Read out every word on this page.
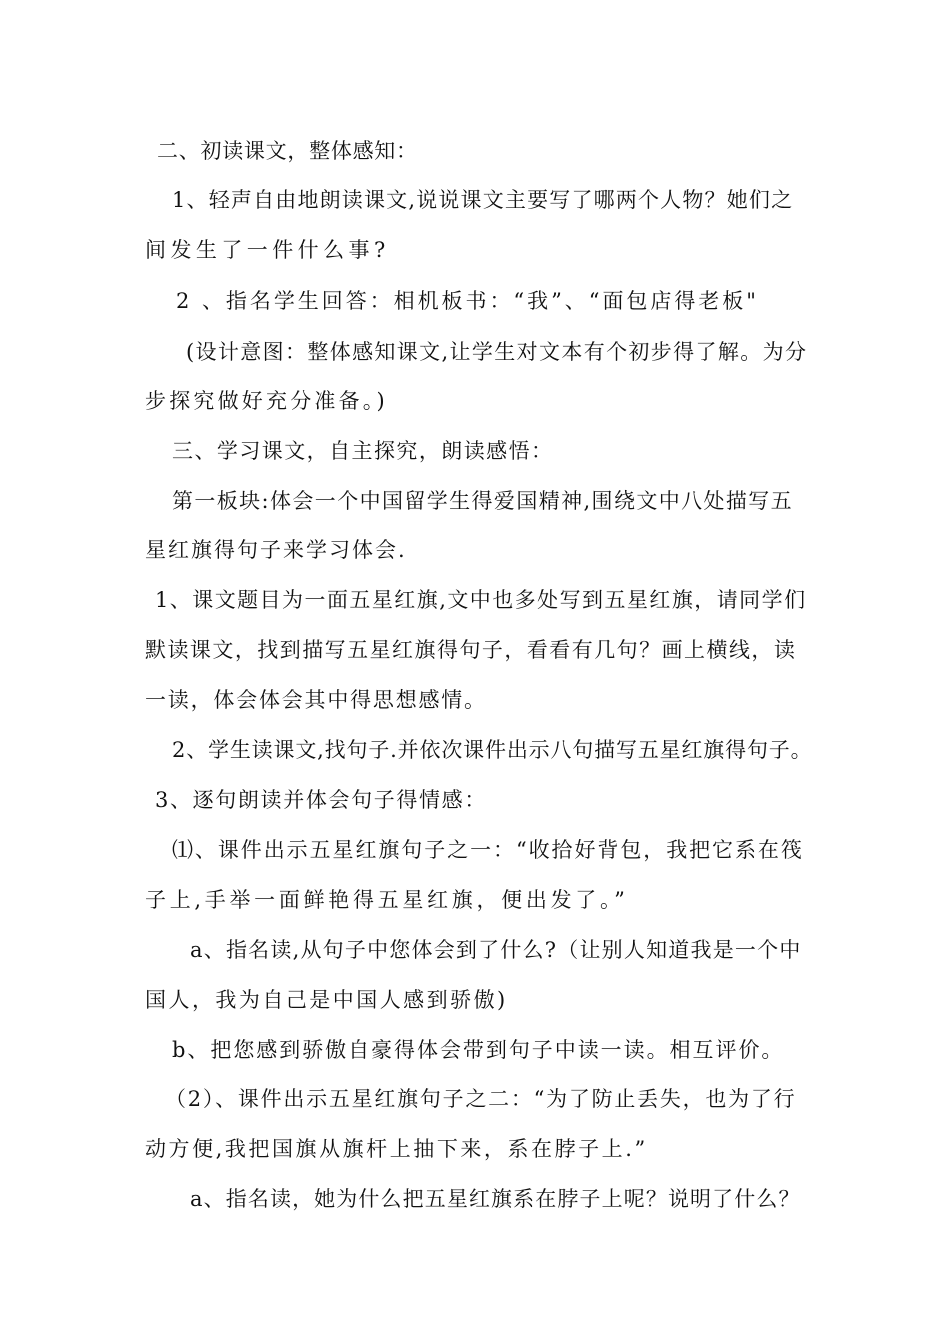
二、初读课文，整体感知：
1、轻声自由地朗读课文,说说课文主要写了哪两个人物？她们之
间发生了一件什么事?
2 、指名学生回答：相机板书：“我”、“面包店得老板"
(设计意图：整体感知课文,让学生对文本有个初步得了解。为分
步探究做好充分准备。)
三、学习课文，自主探究，朗读感悟：
第一板块:体会一个中国留学生得爱国精神,围绕文中八处描写五
星红旗得句子来学习体会.
1、课文题目为一面五星红旗,文中也多处写到五星红旗，请同学们
默读课文，找到描写五星红旗得句子，看看有几句？画上横线，读
一读，体会体会其中得思想感情。
2、学生读课文,找句子.并依次课件出示八句描写五星红旗得句子。
3、逐句朗读并体会句子得情感：
⑴、课件出示五星红旗句子之一：“收拾好背包，我把它系在筏
子上,手举一面鲜艳得五星红旗，便出发了。”
a、指名读,从句子中您体会到了什么?（让别人知道我是一个中
国人，我为自己是中国人感到骄傲)
b、把您感到骄傲自豪得体会带到句子中读一读。相互评价。
（2）、课件出示五星红旗句子之二：“为了防止丢失，也为了行
动方便,我把国旗从旗杆上抽下来，系在脖子上.”
a、指名读，她为什么把五星红旗系在脖子上呢？说明了什么？
